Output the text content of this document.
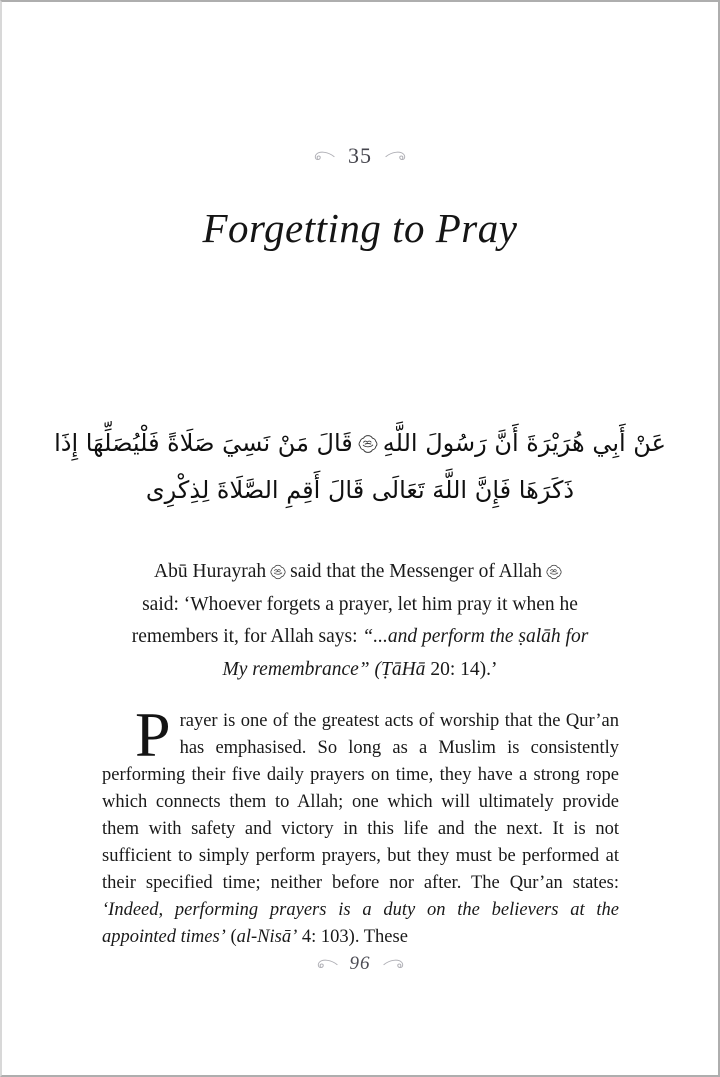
35
Forgetting to Pray
عَنْ أَبِي هُرَيْرَةَ أَنَّ رَسُولَ اللَّهِقَالَ مَنْ نَسِيَ صَلَاةً فَلْيُصَلِّهَا إِذَا
ذَكَرَهَا فَإِنَّ اللَّهَ تَعَالَى قَالَ أَقِمِ الصَّلَاةَ لِذِكْرِى
Abū Hurayrah said that the Messenger of Allah
said: ‘Whoever forgets a prayer, let him pray it when he
remembers it, for Allah says: “...and perform the ṣalāh for
My remembrance” (ṬāHā 20: 14).’
Prayer is one of the greatest acts of worship that the Qur’an has emphasised. So long as a Muslim is consistently performing their five daily prayers on time, they have a strong rope which connects them to Allah; one which will ultimately provide them with safety and victory in this life and the next. It is not sufficient to simply perform prayers, but they must be performed at their specified time; neither before nor after. The Qur’an states: ‘Indeed, performing prayers is a duty on the believers at the appointed times’ (al-Nisā’ 4: 103). These
96
